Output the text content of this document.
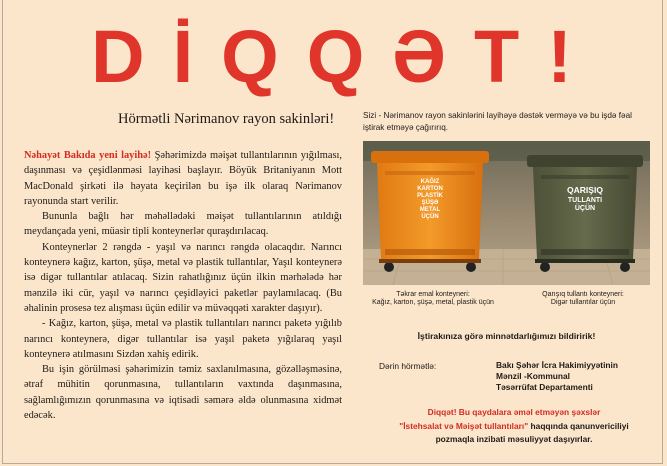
DİQQƏT!
Hörmətli Nərimanov rayon sakinləri!

Nəhayət Bakıda yeni layihə! Şəhərimizdə məişət tullantılarının yığılması, daşınması və çeşidlənməsi layihəsi başlayır. Böyük Britaniyanın Mott MacDonald şirkəti ilə həyata keçirilən bu işə ilk olaraq Nərimanov rayonunda start verilir.

Bununla bağlı hər məhəllədəki məişət tullantılarının atıldığı meydançada yeni, müasir tipli konteynerlər quraşdırılacaq.

Konteynerlər 2 rəngdə - yaşıl və narıncı rəngdə olacaqdır. Narıncı konteynerə kağız, karton, şüşə, metal və plastik tullantılar, Yaşıl konteynerə isə digər tullantılar atılacaq. Sizin rahatlığınız üçün ilkin mərhələdə hər mənzilə iki cür, yaşıl və narıncı çeşidləyici paketlər paylamılacaq. (Bu əhalinin prosesə tez alışması üçün edilir və müvəqqəti xarakter daşıyır).

- Kağız, karton, şüşə, metal və plastik tullantıları narıncı paketə yığılıb narıncı konteynerə, digər tullantılar isə yaşıl paketə yığılaraq yaşıl konteynerə atılmasını Sizdən xahiş edirik.

Bu işin görülməsi şəhərimizin təmiz saxlanılmasına, gözəlləşməsinə, ətraf mühitin qorunmasına, tullantıların vaxtında daşınmasına, sağlamlığımızın qorunmasına və iqtisadi səmərə əldə olunmasına xidmət edəcək.

Sizi - Nərimanov rayon sakinlərini layihəyə dəstək verməyə və bu işdə fəal iştirak etməyə çağırırıq.
KAĞIZ
KARTON
PLASTİK
ŞÜŞƏ
METAL
ÜÇÜN
QARIŞIQ
TULLANTI
ÜÇÜN
Təkrar emal konteyneri:
Kağız, karton, şüşə, metal, plastik üçün
Qarışıq tullantı konteyneri:
Digər tullantılar üçün
İştirakınıza görə minnətdarlığımızı bildiririk!
Dərin hörmətlə:	Bakı Şəhər İcra Hakimiyyətinin
Mənzil -Kommunal
Təsərrüfat Departamenti
Diqqət! Bu qaydalara əməl etməyən şəxslər
"İstehsalat və Məişət tullantıları" haqqında qanunvericiliyi
pozmaqla inzibati məsuliyyət daşıyırlar.
